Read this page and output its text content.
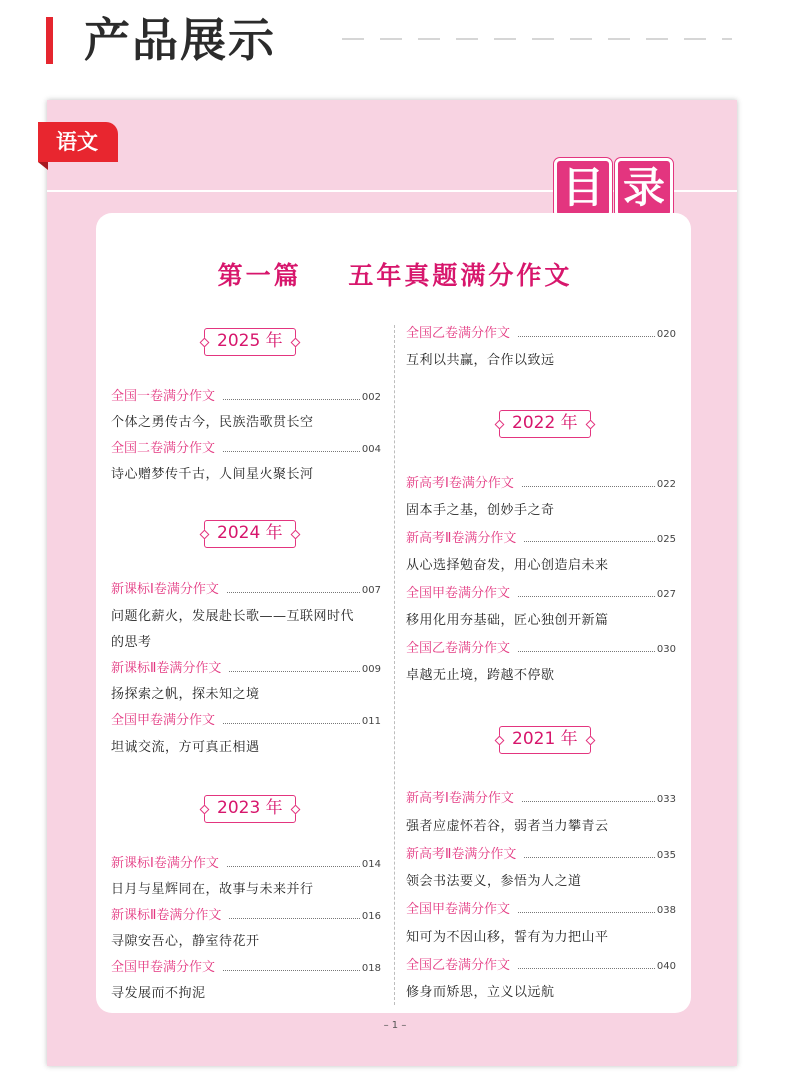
产品展示
语文
目 录
第一篇    五年真题满分作文
2025 年
全国一卷满分作文	002
个体之勇传古今，民族浩歌贯长空
全国二卷满分作文	004
诗心赠梦传千古，人间星火聚长河
2024 年
新课标Ⅰ卷满分作文	007
问题化薪火，发展赴长歌——互联网时代
的思考
新课标Ⅱ卷满分作文	009
扬探索之帆，探未知之境
全国甲卷满分作文	011
坦诚交流，方可真正相遇
2023 年
新课标Ⅰ卷满分作文	014
日月与星辉同在，故事与未来并行
新课标Ⅱ卷满分作文	016
寻隙安吾心，静室待花开
全国甲卷满分作文	018
寻发展而不拘泥
全国乙卷满分作文	020
互利以共赢，合作以致远
2022 年
新高考Ⅰ卷满分作文	022
固本手之基，创妙手之奇
新高考Ⅱ卷满分作文	025
从心选择勉奋发，用心创造启未来
全国甲卷满分作文	027
移用化用夯基础，匠心独创开新篇
全国乙卷满分作文	030
卓越无止境，跨越不停歇
2021 年
新高考Ⅰ卷满分作文	033
强者应虚怀若谷，弱者当力攀青云
新高考Ⅱ卷满分作文	035
领会书法要义，参悟为人之道
全国甲卷满分作文	038
知可为不因山移，誓有为力把山平
全国乙卷满分作文	040
修身而矫思，立义以远航
– 1 –
